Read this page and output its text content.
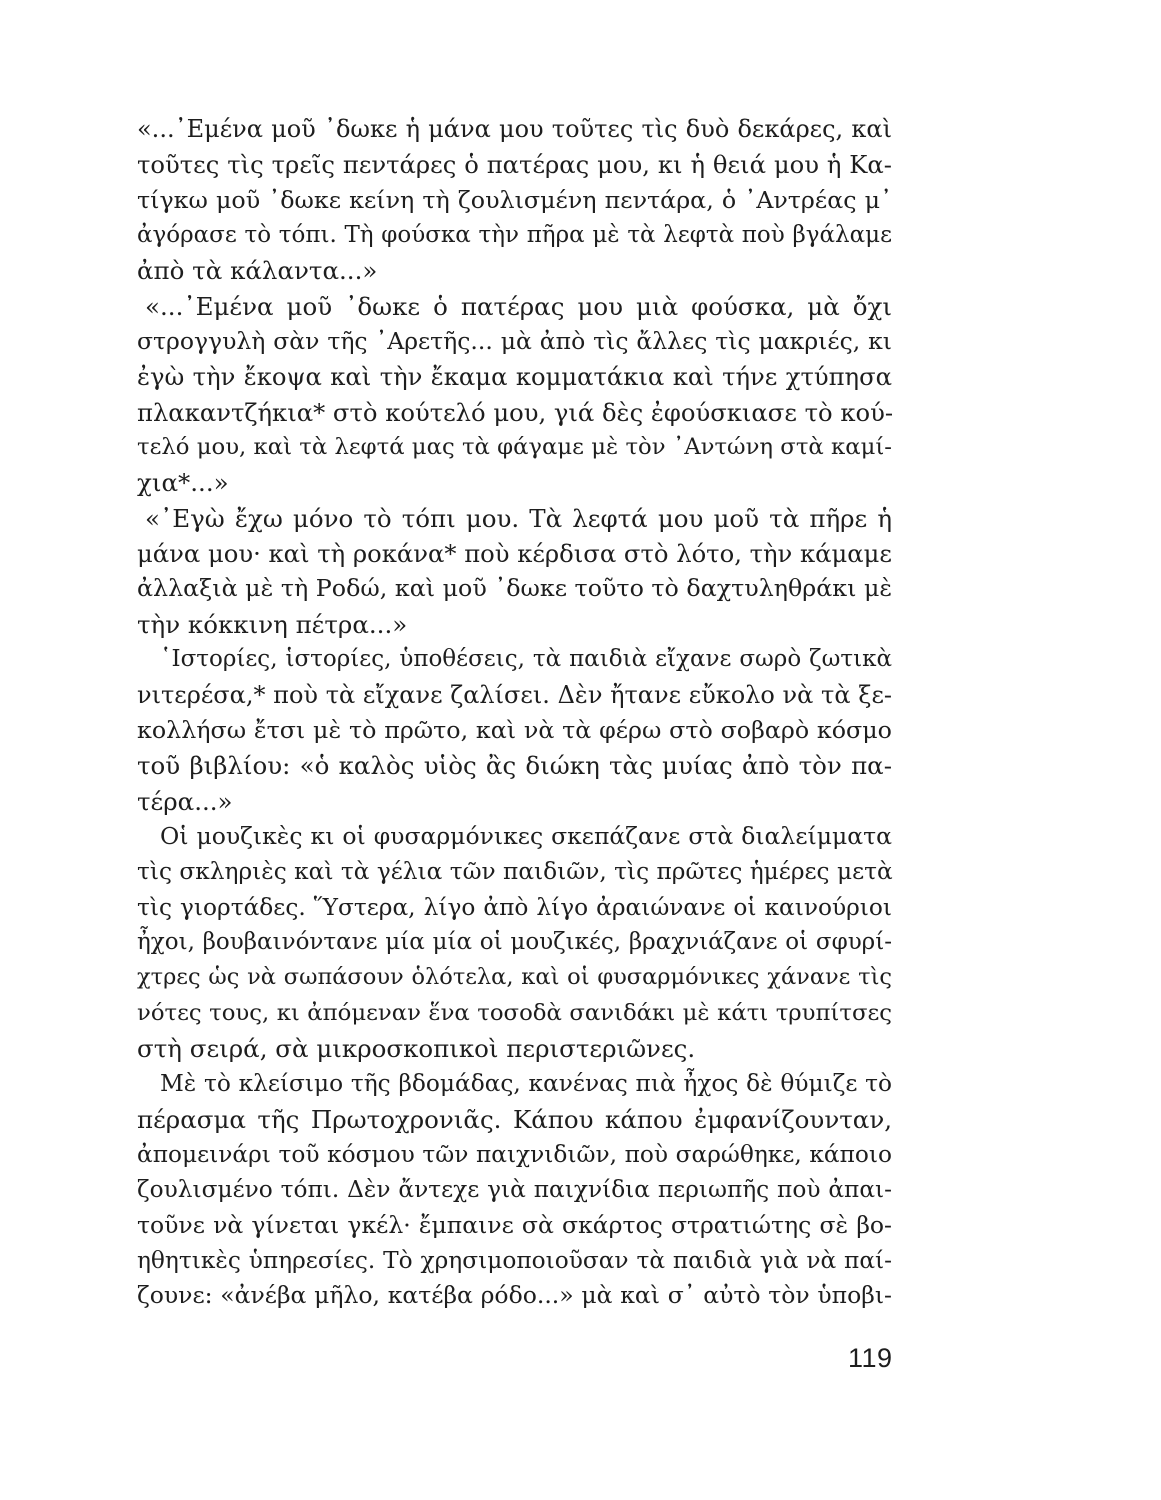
«...᾽Εμένα μοῦ ᾽δωκε ἡ μάνα μου τοῦτες τὶς δυὸ δεκάρες, καὶ
τοῦτες τὶς τρεῖς πεντάρες ὁ πατέρας μου, κι ἡ θειά μου ἡ Κα-
τίγκω μοῦ ᾽δωκε κείνη τὴ ζουλισμένη πεντάρα, ὁ ᾽Αντρέας μ᾽
ἀγόρασε τὸ τόπι. Τὴ φούσκα τὴν πῆρα μὲ τὰ λεφτὰ ποὺ βγάλαμε
ἀπὸ τὰ κάλαντα...»
«...᾽Εμένα μοῦ ᾽δωκε ὁ πατέρας μου μιὰ φούσκα, μὰ ὄχι
στρογγυλὴ σὰν τῆς ᾽Αρετῆς... μὰ ἀπὸ τὶς ἄλλες τὶς μακριές, κι
ἐγὼ τὴν ἔκοψα καὶ τὴν ἔκαμα κομματάκια καὶ τήνε χτύπησα
πλακαντζήκια* στὸ κούτελό μου, γιά δὲς ἐφούσκιασε τὸ κού-
τελό μου, καὶ τὰ λεφτά μας τὰ φάγαμε μὲ τὸν ᾽Αντώνη στὰ καμί-
χια*...»
«᾽Εγὼ ἔχω μόνο τὸ τόπι μου. Τὰ λεφτά μου μοῦ τὰ πῆρε ἡ
μάνα μου· καὶ τὴ ροκάνα* ποὺ κέρδισα στὸ λότο, τὴν κάμαμε
ἀλλαξιὰ μὲ τὴ Ροδώ, καὶ μοῦ ᾽δωκε τοῦτο τὸ δαχτυληθράκι μὲ
τὴν κόκκινη πέτρα...»
῾Ιστορίες, ἱστορίες, ὑποθέσεις, τὰ παιδιὰ εἴχανε σωρὸ ζωτικὰ
νιτερέσα,* ποὺ τὰ εἴχανε ζαλίσει. Δὲν ἤτανε εὔκολο νὰ τὰ ξε-
κολλήσω ἔτσι μὲ τὸ πρῶτο, καὶ νὰ τὰ φέρω στὸ σοβαρὸ κόσμο
τοῦ βιβλίου: «ὁ καλὸς υἱὸς ἂς διώκη τὰς μυίας ἀπὸ τὸν πα-
τέρα...»
Οἱ μουζικὲς κι οἱ φυσαρμόνικες σκεπάζανε στὰ διαλείμματα
τὶς σκληριὲς καὶ τὰ γέλια τῶν παιδιῶν, τὶς πρῶτες ἡμέρες μετὰ
τὶς γιορτάδες. Ὕστερα, λίγο ἀπὸ λίγο ἀραιώνανε οἱ καινούριοι
ἦχοι, βουβαινόντανε μία μία οἱ μουζικές, βραχνιάζανε οἱ σφυρί-
χτρες ὡς νὰ σωπάσουν ὁλότελα, καὶ οἱ φυσαρμόνικες χάνανε τὶς
νότες τους, κι ἀπόμεναν ἕνα τοσοδὰ σανιδάκι μὲ κάτι τρυπίτσες
στὴ σειρά, σὰ μικροσκοπικοὶ περιστεριῶνες.
Μὲ τὸ κλείσιμο τῆς βδομάδας, κανένας πιὰ ἦχος δὲ θύμιζε τὸ
πέρασμα τῆς Πρωτοχρονιᾶς. Κάπου κάπου ἐμφανίζουνταν,
ἀπομεινάρι τοῦ κόσμου τῶν παιχνιδιῶν, ποὺ σαρώθηκε, κάποιο
ζουλισμένο τόπι. Δὲν ἄντεχε γιὰ παιχνίδια περιωπῆς ποὺ ἀπαι-
τοῦνε νὰ γίνεται γκέλ· ἔμπαινε σὰ σκάρτος στρατιώτης σὲ βο-
ηθητικὲς ὑπηρεσίες. Τὸ χρησιμοποιοῦσαν τὰ παιδιὰ γιὰ νὰ παί-
ζουνε: «ἀνέβα μῆλο, κατέβα ρόδο...» μὰ καὶ σ᾽ αὐτὸ τὸν ὑποβι-
119
